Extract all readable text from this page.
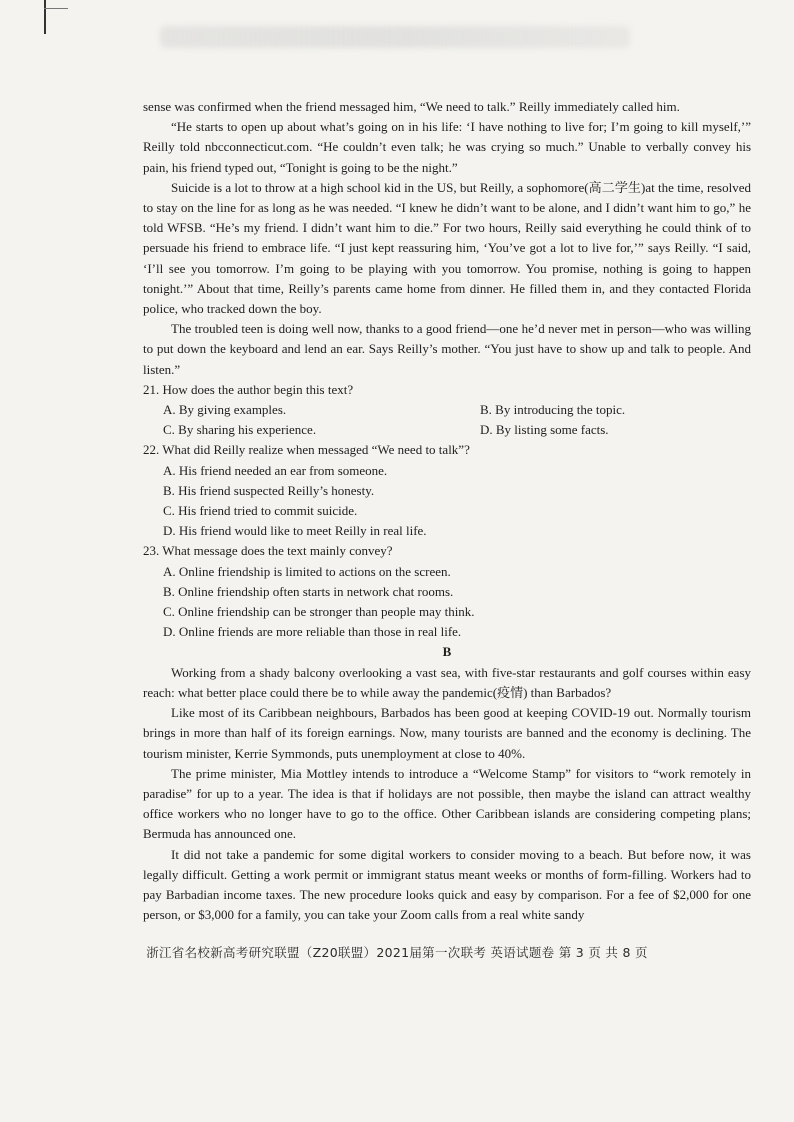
sense was confirmed when the friend messaged him, “We need to talk.” Reilly immediately called him.

“He starts to open up about what’s going on in his life: ‘I have nothing to live for; I’m going to kill myself,’” Reilly told nbcconnecticut.com. “He couldn’t even talk; he was crying so much.” Unable to verbally convey his pain, his friend typed out, “Tonight is going to be the night.”

Suicide is a lot to throw at a high school kid in the US, but Reilly, a sophomore(高二学生)at the time, resolved to stay on the line for as long as he was needed. “I knew he didn’t want to be alone, and I didn’t want him to go,” he told WFSB. “He’s my friend. I didn’t want him to die.” For two hours, Reilly said everything he could think of to persuade his friend to embrace life. “I just kept reassuring him, ‘You’ve got a lot to live for,’” says Reilly. “I said, ‘I’ll see you tomorrow. I’m going to be playing with you tomorrow. You promise, nothing is going to happen tonight.’” About that time, Reilly’s parents came home from dinner. He filled them in, and they contacted Florida police, who tracked down the boy.

The troubled teen is doing well now, thanks to a good friend—one he’d never met in person—who was willing to put down the keyboard and lend an ear. Says Reilly’s mother. “You just have to show up and talk to people. And listen.”

21. How does the author begin this text?

A. By giving examples.	B. By introducing the topic.
C. By sharing his experience.	D. By listing some facts.

22. What did Reilly realize when messaged “We need to talk”?

A. His friend needed an ear from someone.

B. His friend suspected Reilly’s honesty.

C. His friend tried to commit suicide.

D. His friend would like to meet Reilly in real life.

23. What message does the text mainly convey?

A. Online friendship is limited to actions on the screen.

B. Online friendship often starts in network chat rooms.

C. Online friendship can be stronger than people may think.

D. Online friends are more reliable than those in real life.

B

Working from a shady balcony overlooking a vast sea, with five-star restaurants and golf courses within easy reach: what better place could there be to while away the pandemic(疫情) than Barbados?

Like most of its Caribbean neighbours, Barbados has been good at keeping COVID-19 out. Normally tourism brings in more than half of its foreign earnings. Now, many tourists are banned and the economy is declining. The tourism minister, Kerrie Symmonds, puts unemployment at close to 40%.

The prime minister, Mia Mottley intends to introduce a “Welcome Stamp” for visitors to “work remotely in paradise” for up to a year. The idea is that if holidays are not possible, then maybe the island can attract wealthy office workers who no longer have to go to the office. Other Caribbean islands are considering competing plans; Bermuda has announced one.

It did not take a pandemic for some digital workers to consider moving to a beach. But before now, it was legally difficult. Getting a work permit or immigrant status meant weeks or months of form-filling. Workers had to pay Barbadian income taxes. The new procedure looks quick and easy by comparison. For a fee of $2,000 for one person, or $3,000 for a family, you can take your Zoom calls from a real white sandy

浙江省名校新高考研究联盟（Z20联盟）2021届第一次联考 英语试题卷 第 3 页 共 8 页
